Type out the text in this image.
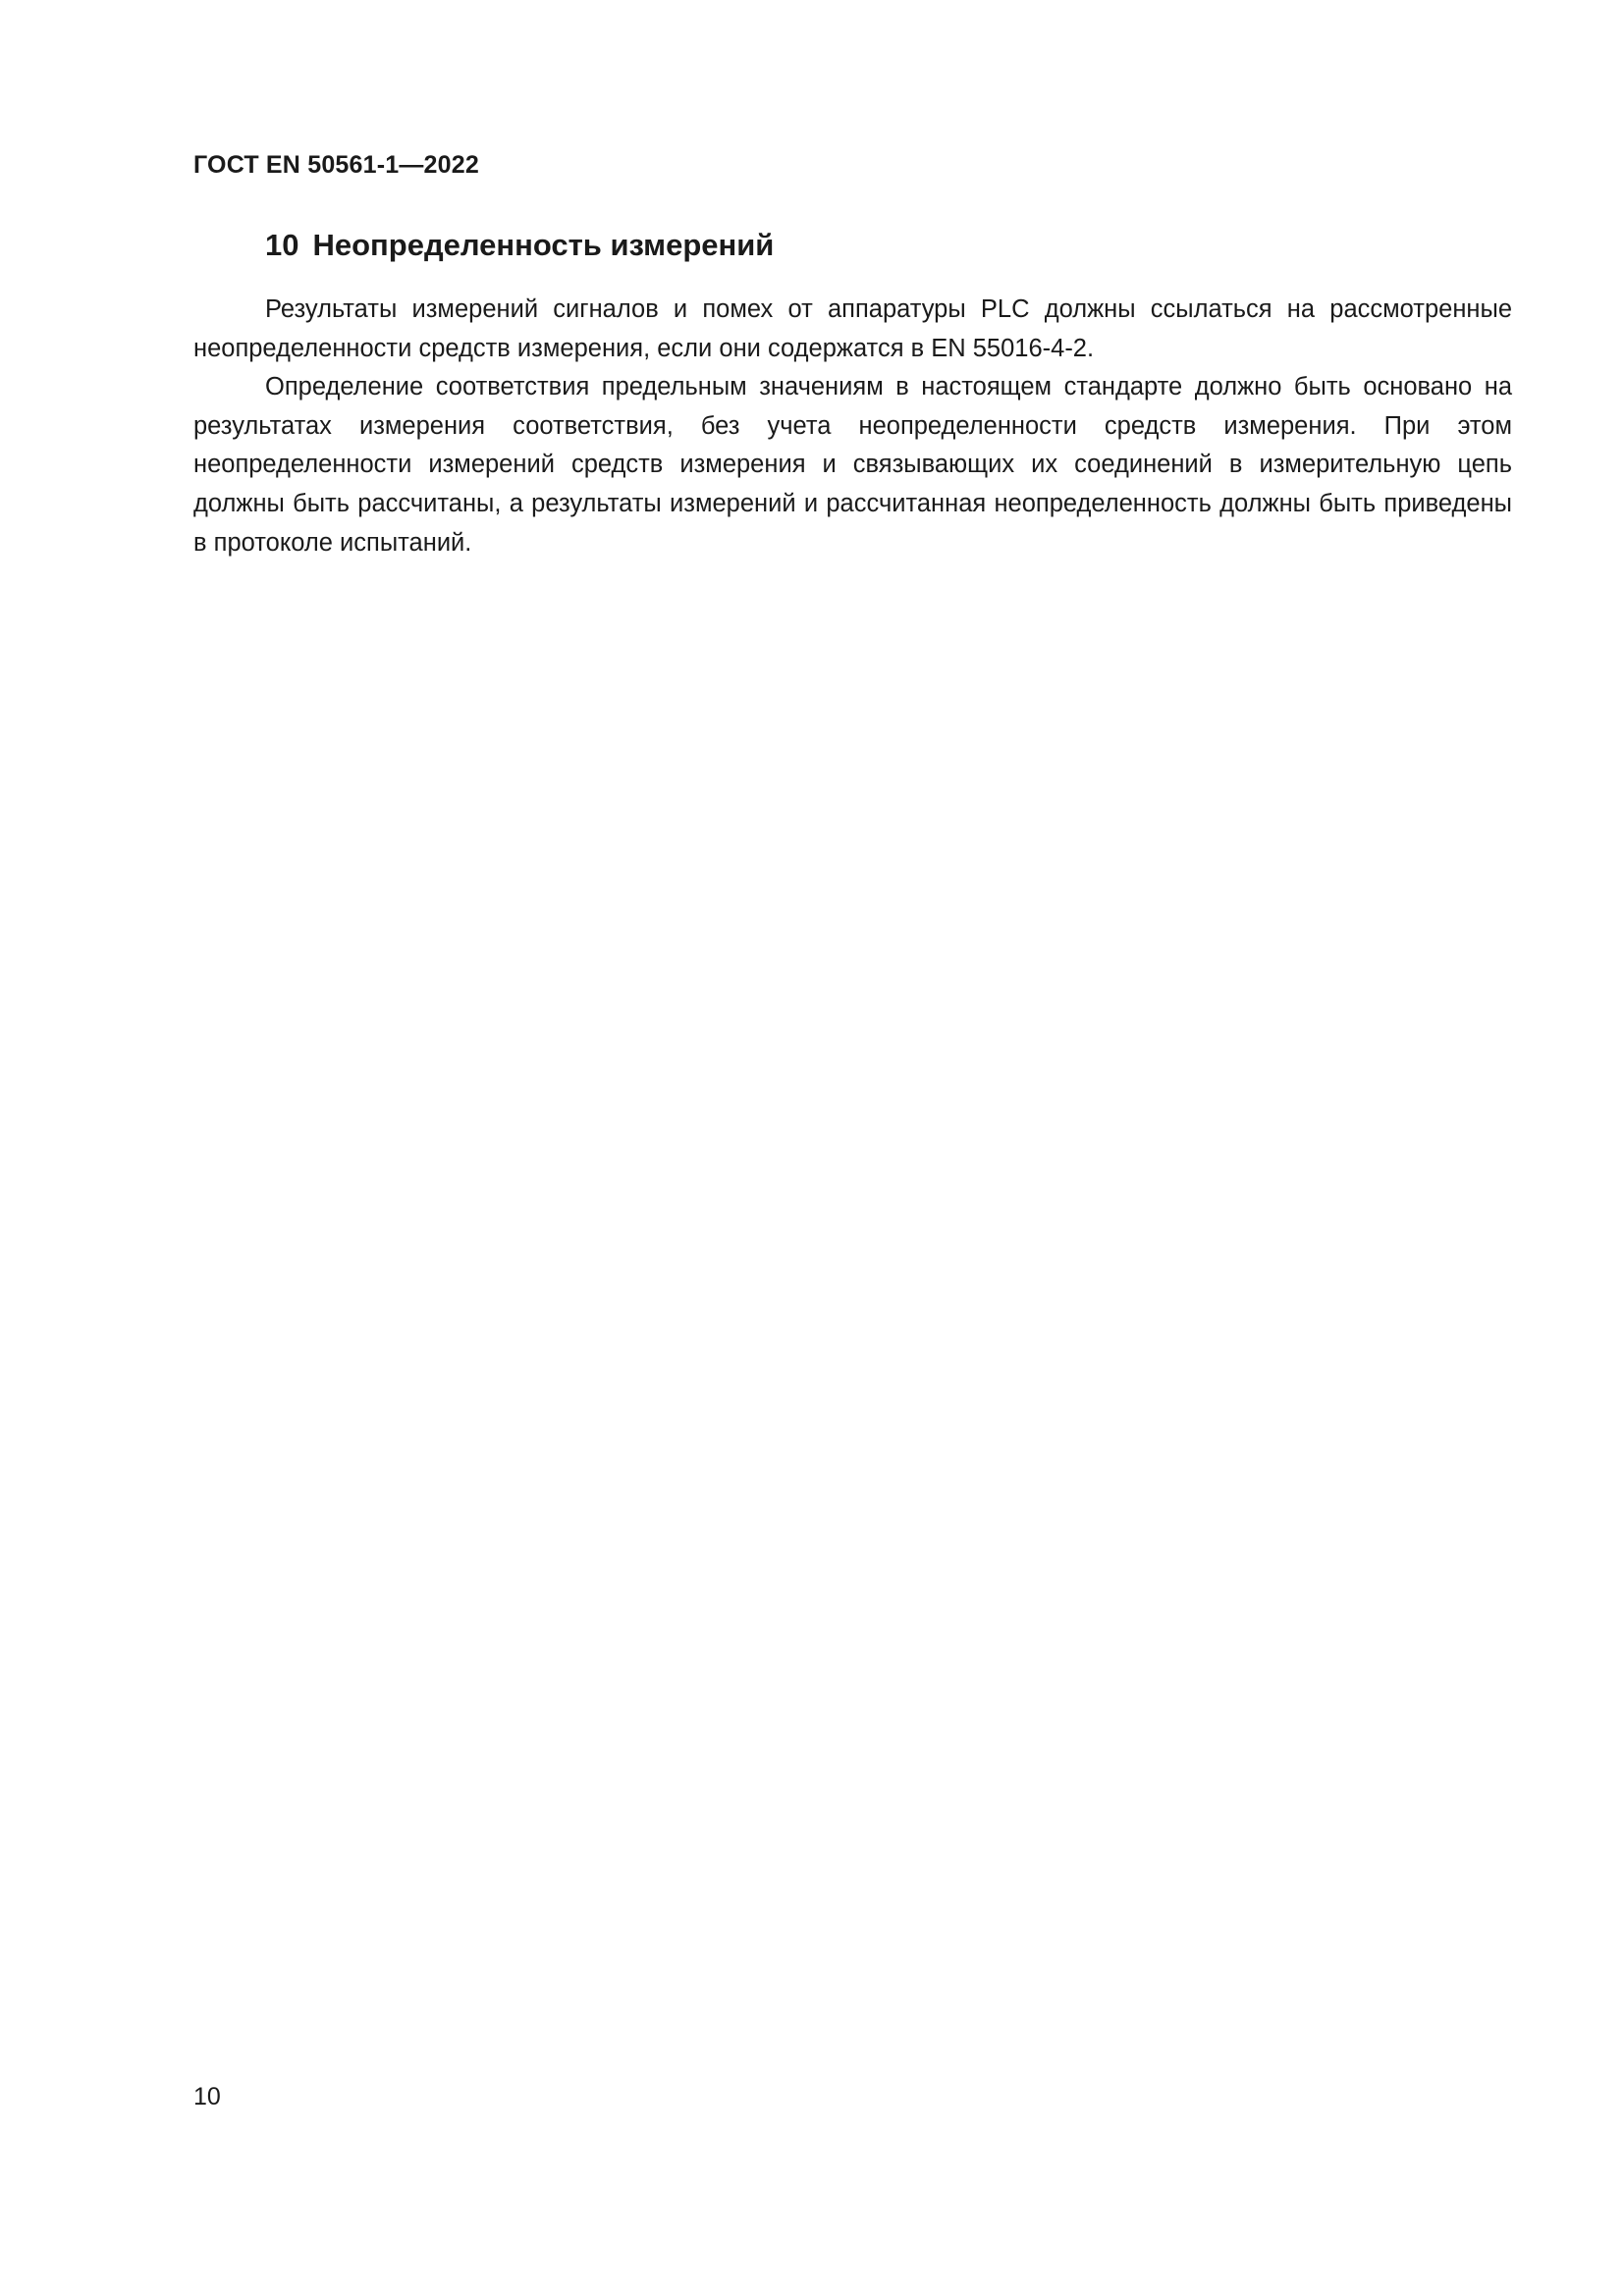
ГОСТ EN 50561-1—2022
10 Неопределенность измерений

Результаты измерений сигналов и помех от аппаратуры PLC должны ссылаться на рассмотренные неопределенности средств измерения, если они содержатся в EN 55016-4-2.

Определение соответствия предельным значениям в настоящем стандарте должно быть основано на результатах измерения соответствия, без учета неопределенности средств измерения. При этом неопределенности измерений средств измерения и связывающих их соединений в измерительную цепь должны быть рассчитаны, а результаты измерений и рассчитанная неопределенность должны быть приведены в протоколе испытаний.

10
